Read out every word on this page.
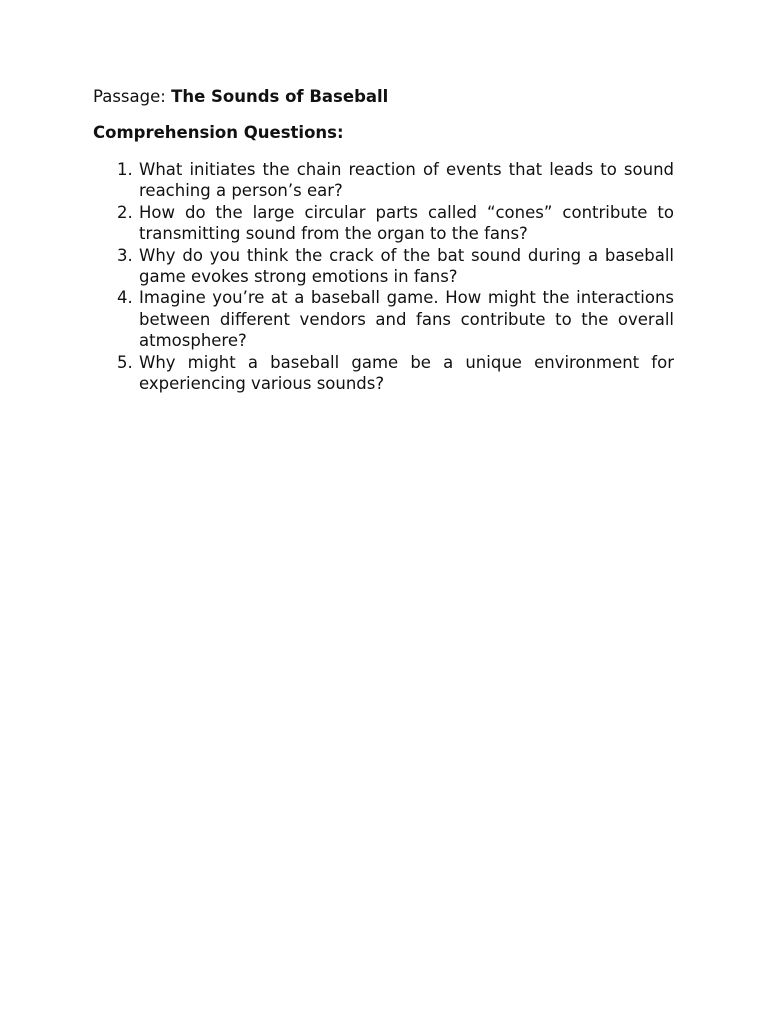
Passage: The Sounds of Baseball

Comprehension Questions:

1. What initiates the chain reaction of events that leads to sound reaching a person’s ear?
2. How do the large circular parts called “cones” contribute to transmitting sound from the organ to the fans?
3. Why do you think the crack of the bat sound during a baseball game evokes strong emotions in fans?
4. Imagine you’re at a baseball game. How might the interactions between different vendors and fans contribute to the overall atmosphere?
5. Why might a baseball game be a unique environment for experiencing various sounds?
